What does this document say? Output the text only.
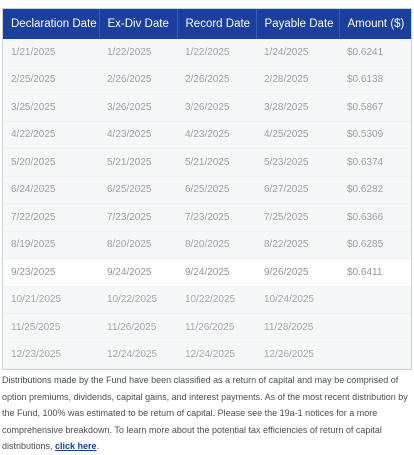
Declaration Date	Ex-Div Date	Record Date	Payable Date	Amount ($)
1/21/2025	1/22/2025	1/22/2025	1/24/2025	$0.6241
2/25/2025	2/26/2025	2/26/2025	2/28/2025	$0.6138
3/25/2025	3/26/2025	3/26/2025	3/28/2025	$0.5867
4/22/2025	4/23/2025	4/23/2025	4/25/2025	$0.5309
5/20/2025	5/21/2025	5/21/2025	5/23/2025	$0.6374
6/24/2025	6/25/2025	6/25/2025	6/27/2025	$0.6282
7/22/2025	7/23/2025	7/23/2025	7/25/2025	$0.6366
8/19/2025	8/20/2025	8/20/2025	8/22/2025	$0.6285
9/23/2025	9/24/2025	9/24/2025	9/26/2025	$0.6411
10/21/2025	10/22/2025	10/22/2025	10/24/2025	
11/25/2025	11/26/2025	11/26/2025	11/28/2025	
12/23/2025	12/24/2025	12/24/2025	12/26/2025	
Distributions made by the Fund have been classified as a return of capital and may be comprised of option premiums, dividends, capital gains, and interest payments. As of the most recent distribution by the Fund, 100% was estimated to be return of capital. Please see the 19a-1 notices for a more comprehensive breakdown. To learn more about the potential tax efficiencies of return of capital distributions, click here.
